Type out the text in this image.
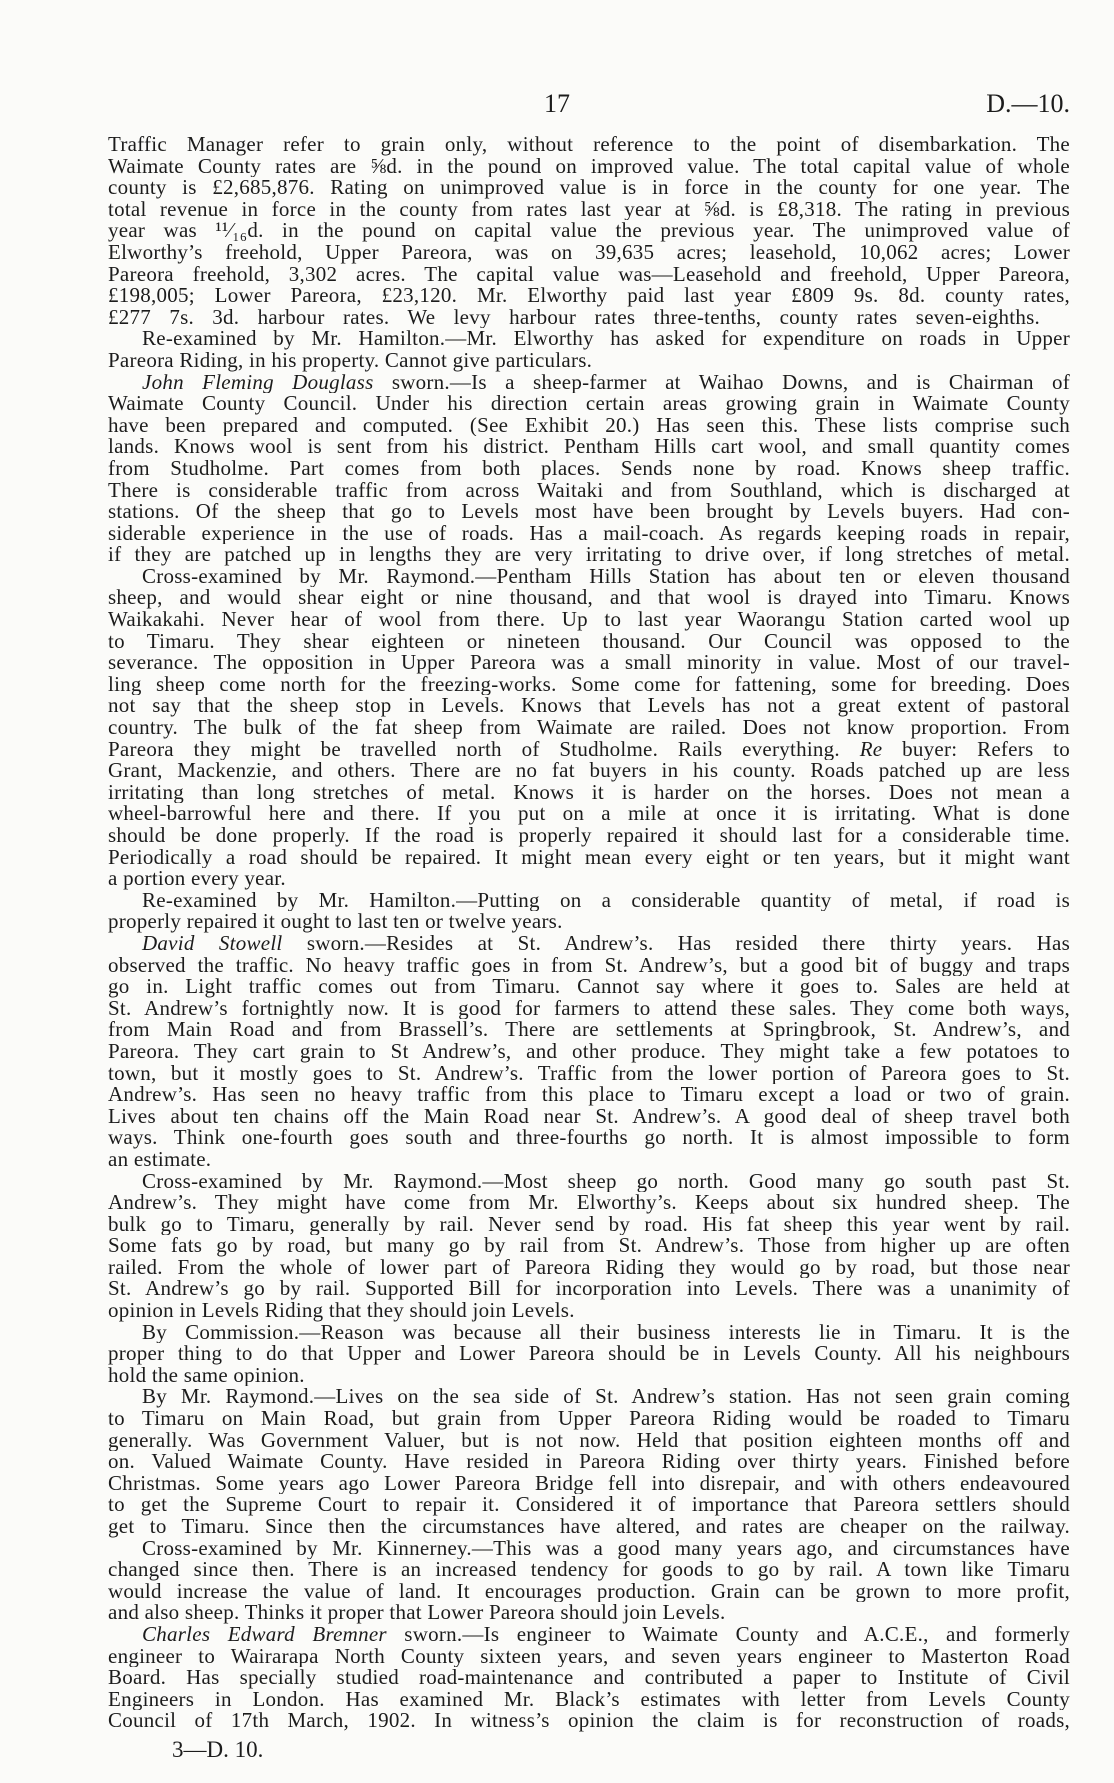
17	D.—10.
Traffic Manager refer to grain only, without reference to the point of disembarkation. The
Waimate County rates are ⅝d. in the pound on improved value. The total capital value of whole
county is £2,685,876. Rating on unimproved value is in force in the county for one year. The
total revenue in force in the county from rates last year at ⅝d. is £8,318. The rating in previous
year was ¹¹⁄₁₆d. in the pound on capital value the previous year. The unimproved value of
Elworthy’s freehold, Upper Pareora, was on 39,635 acres; leasehold, 10,062 acres; Lower
Pareora freehold, 3,302 acres. The capital value was—Leasehold and freehold, Upper Pareora,
£198,005; Lower Pareora, £23,120. Mr. Elworthy paid last year £809 9s. 8d. county rates,
£277 7s. 3d. harbour rates. We levy harbour rates three-tenths, county rates seven-eighths.
Re-examined by Mr. Hamilton.—Mr. Elworthy has asked for expenditure on roads in Upper
Pareora Riding, in his property. Cannot give particulars.
John Fleming Douglass sworn.—Is a sheep-farmer at Waihao Downs, and is Chairman of
Waimate County Council. Under his direction certain areas growing grain in Waimate County
have been prepared and computed. (See Exhibit 20.) Has seen this. These lists comprise such
lands. Knows wool is sent from his district. Pentham Hills cart wool, and small quantity comes
from Studholme. Part comes from both places. Sends none by road. Knows sheep traffic.
There is considerable traffic from across Waitaki and from Southland, which is discharged at
stations. Of the sheep that go to Levels most have been brought by Levels buyers. Had con-
siderable experience in the use of roads. Has a mail-coach. As regards keeping roads in repair,
if they are patched up in lengths they are very irritating to drive over, if long stretches of metal.
Cross-examined by Mr. Raymond.—Pentham Hills Station has about ten or eleven thousand
sheep, and would shear eight or nine thousand, and that wool is drayed into Timaru. Knows
Waikakahi. Never hear of wool from there. Up to last year Waorangu Station carted wool up
to Timaru. They shear eighteen or nineteen thousand. Our Council was opposed to the
severance. The opposition in Upper Pareora was a small minority in value. Most of our travel-
ling sheep come north for the freezing-works. Some come for fattening, some for breeding. Does
not say that the sheep stop in Levels. Knows that Levels has not a great extent of pastoral
country. The bulk of the fat sheep from Waimate are railed. Does not know proportion. From
Pareora they might be travelled north of Studholme. Rails everything. Re buyer: Refers to
Grant, Mackenzie, and others. There are no fat buyers in his county. Roads patched up are less
irritating than long stretches of metal. Knows it is harder on the horses. Does not mean a
wheel-barrowful here and there. If you put on a mile at once it is irritating. What is done
should be done properly. If the road is properly repaired it should last for a considerable time.
Periodically a road should be repaired. It might mean every eight or ten years, but it might want
a portion every year.
Re-examined by Mr. Hamilton.—Putting on a considerable quantity of metal, if road is
properly repaired it ought to last ten or twelve years.
David Stowell sworn.—Resides at St. Andrew’s. Has resided there thirty years. Has
observed the traffic. No heavy traffic goes in from St. Andrew’s, but a good bit of buggy and traps
go in. Light traffic comes out from Timaru. Cannot say where it goes to. Sales are held at
St. Andrew’s fortnightly now. It is good for farmers to attend these sales. They come both ways,
from Main Road and from Brassell’s. There are settlements at Springbrook, St. Andrew’s, and
Pareora. They cart grain to St Andrew’s, and other produce. They might take a few potatoes to
town, but it mostly goes to St. Andrew’s. Traffic from the lower portion of Pareora goes to St.
Andrew’s. Has seen no heavy traffic from this place to Timaru except a load or two of grain.
Lives about ten chains off the Main Road near St. Andrew’s. A good deal of sheep travel both
ways. Think one-fourth goes south and three-fourths go north. It is almost impossible to form
an estimate.
Cross-examined by Mr. Raymond.—Most sheep go north. Good many go south past St.
Andrew’s. They might have come from Mr. Elworthy’s. Keeps about six hundred sheep. The
bulk go to Timaru, generally by rail. Never send by road. His fat sheep this year went by rail.
Some fats go by road, but many go by rail from St. Andrew’s. Those from higher up are often
railed. From the whole of lower part of Pareora Riding they would go by road, but those near
St. Andrew’s go by rail. Supported Bill for incorporation into Levels. There was a unanimity of
opinion in Levels Riding that they should join Levels.
By Commission.—Reason was because all their business interests lie in Timaru. It is the
proper thing to do that Upper and Lower Pareora should be in Levels County. All his neighbours
hold the same opinion.
By Mr. Raymond.—Lives on the sea side of St. Andrew’s station. Has not seen grain coming
to Timaru on Main Road, but grain from Upper Pareora Riding would be roaded to Timaru
generally. Was Government Valuer, but is not now. Held that position eighteen months off and
on. Valued Waimate County. Have resided in Pareora Riding over thirty years. Finished before
Christmas. Some years ago Lower Pareora Bridge fell into disrepair, and with others endeavoured
to get the Supreme Court to repair it. Considered it of importance that Pareora settlers should
get to Timaru. Since then the circumstances have altered, and rates are cheaper on the railway.
Cross-examined by Mr. Kinnerney.—This was a good many years ago, and circumstances have
changed since then. There is an increased tendency for goods to go by rail. A town like Timaru
would increase the value of land. It encourages production. Grain can be grown to more profit,
and also sheep. Thinks it proper that Lower Pareora should join Levels.
Charles Edward Bremner sworn.—Is engineer to Waimate County and A.C.E., and formerly
engineer to Wairarapa North County sixteen years, and seven years engineer to Masterton Road
Board. Has specially studied road-maintenance and contributed a paper to Institute of Civil
Engineers in London. Has examined Mr. Black’s estimates with letter from Levels County
Council of 17th March, 1902. In witness’s opinion the claim is for reconstruction of roads,
3—D. 10.
